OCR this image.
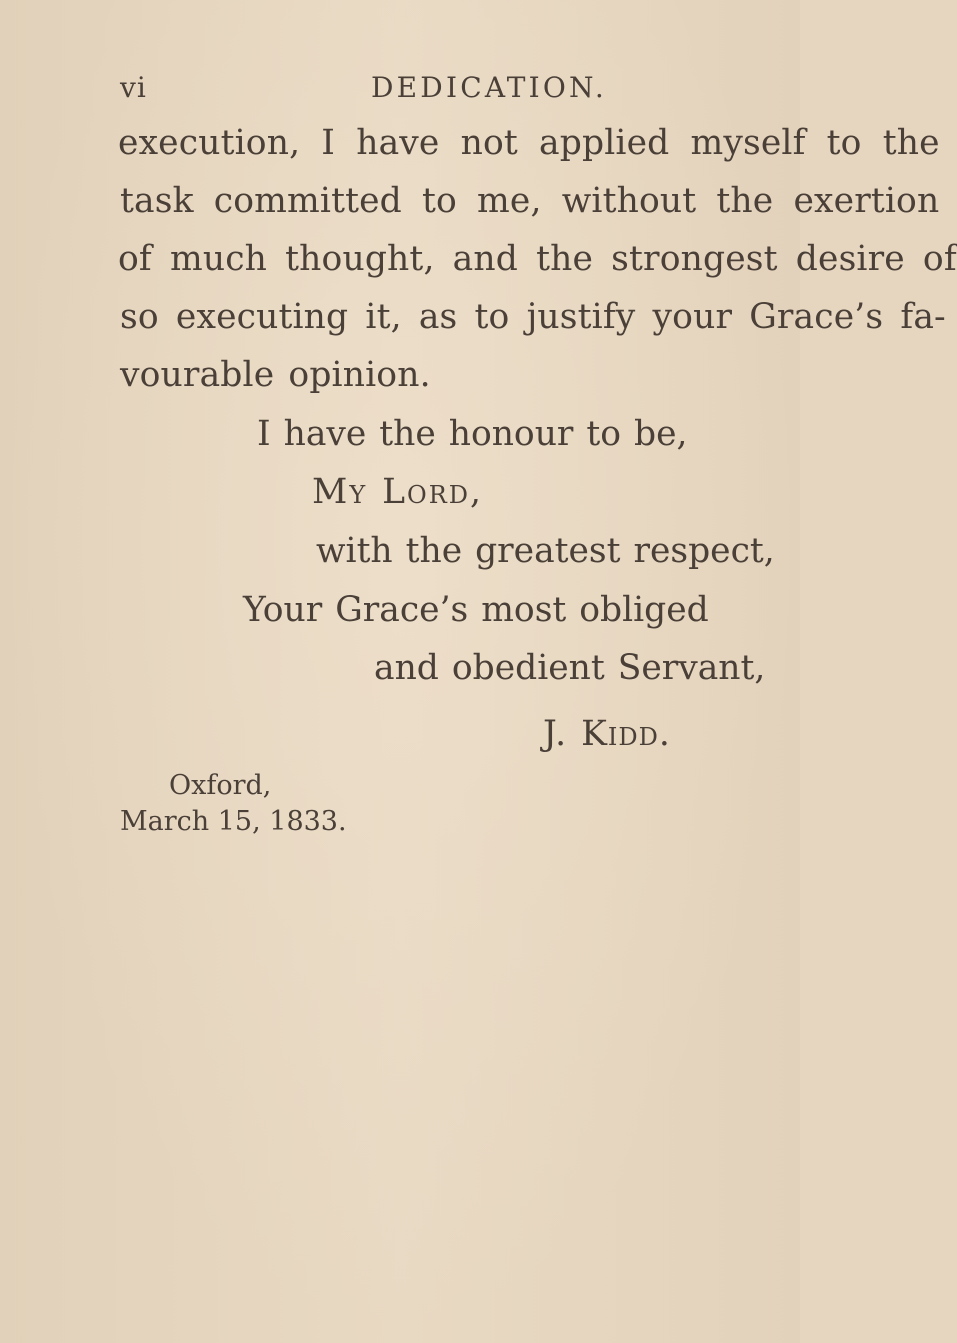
vi	DEDICATION.
execution, I have not applied myself to the
task committed to me, without the exertion
of much thought, and the strongest desire of
so executing it, as to justify your Grace’s fa-
vourable opinion.
I have the honour to be,
My Lord,
with the greatest respect,
Your Grace’s most obliged
and obedient Servant,
J. Kidd.
Oxford,
March 15, 1833.
